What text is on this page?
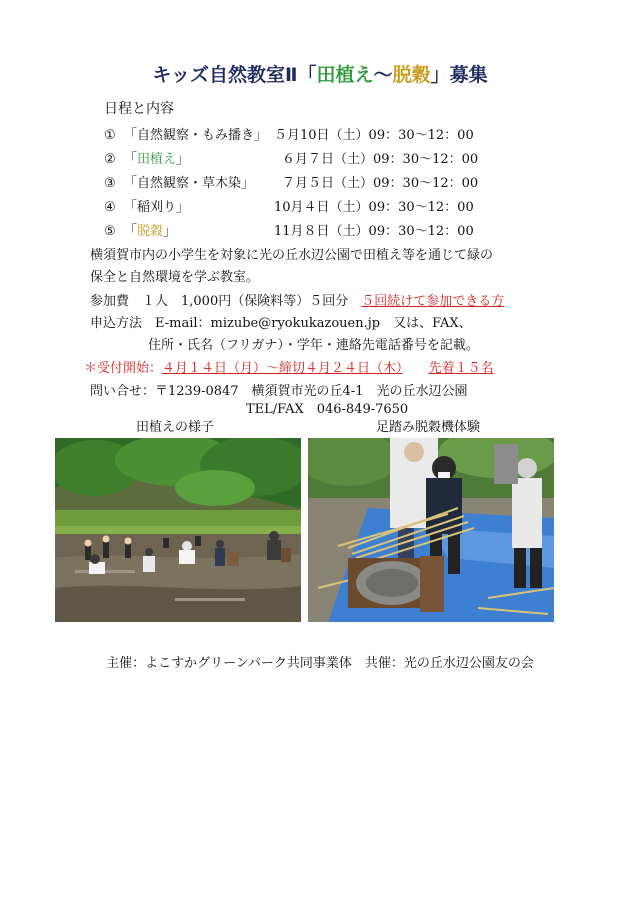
キッズ自然教室Ⅱ「田植え～脱穀」募集
日程と内容
① 「自然観察・もみ播き」 ５月10日（土）09：30～12：00
② 「田植え」	６月７日（土）09：30～12：00
③ 「自然観察・草木染」 ７月５日（土）09：30～12：00
④ 「稲刈り」	10月４日（土）09：30～12：00
⑤ 「脱穀」	11月８日（土）09：30～12：00
横須賀市内の小学生を対象に光の丘水辺公園で田植え等を通じて緑の
保全と自然環境を学ぶ教室。
参加費　１人　1,000円（保険料等）５回分　 ５回続けて参加できる方
申込方法　E-mail：mizube@ryokukazouen.jp　又は、FAX、
住所・氏名（フリガナ）・学年・連絡先電話番号を記載。
＊受付開始：４月１４日（月）～締切４月２４日（木）　　 先着１５名
問い合せ：〒1239-0847　横須賀市光の丘4-1　光の丘水辺公園
TEL/FAX　046-849-7650
田植えの様子	足踏み脱穀機体験
主催：よこすかグリーンパーク共同事業体　共催：光の丘水辺公園友の会
